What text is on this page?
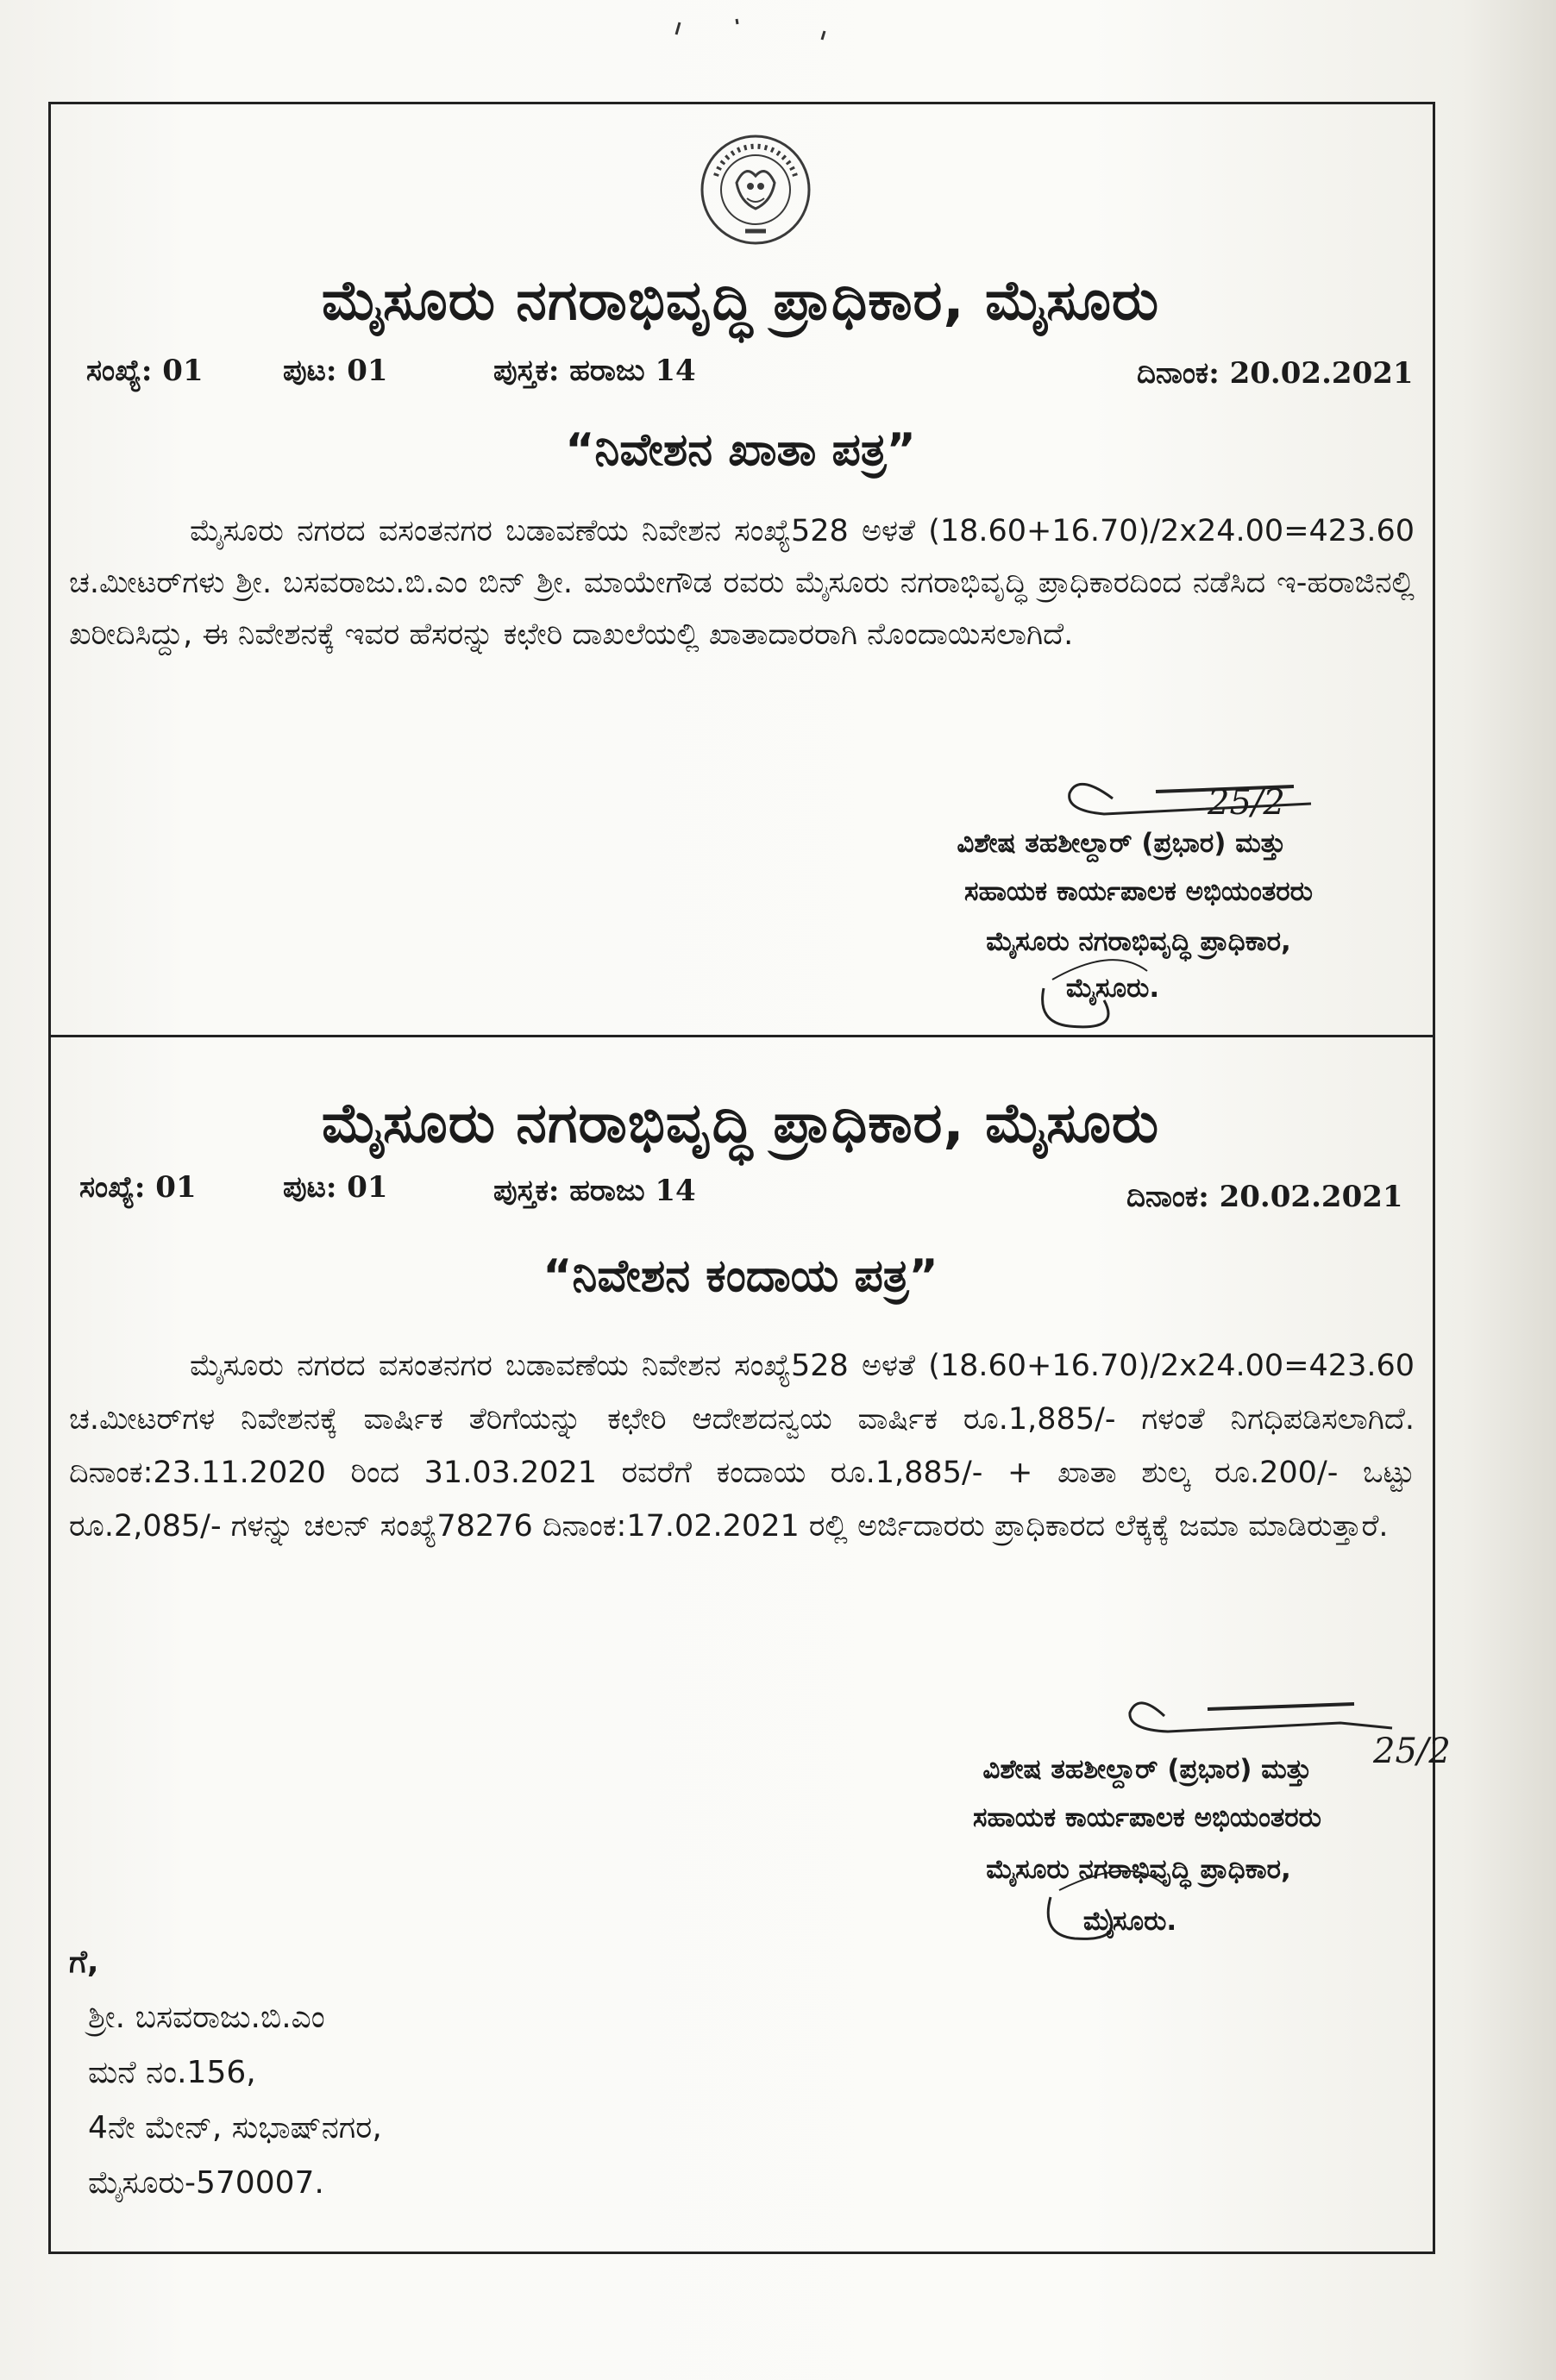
ಮೈಸೂರು ನಗರಾಭಿವೃದ್ಧಿ ಪ್ರಾಧಿಕಾರ, ಮೈಸೂರು
ಸಂಖ್ಯೆ: 01	ಪುಟ: 01	ಪುಸ್ತಕ: ಹರಾಜು 14	ದಿನಾಂಕ: 20.02.2021
“ನಿವೇಶನ ಖಾತಾ ಪತ್ರ”
ಮೈಸೂರು ನಗರದ ವಸಂತನಗರ ಬಡಾವಣೆಯ ನಿವೇಶನ ಸಂಖ್ಯೆ528 ಅಳತೆ (18.60+16.70)/2x24.00=423.60 ಚ.ಮೀಟರ್‌ಗಳು ಶ್ರೀ. ಬಸವರಾಜು.ಬಿ.ಎಂ ಬಿನ್ ಶ್ರೀ. ಮಾಯೇಗೌಡ ರವರು ಮೈಸೂರು ನಗರಾಭಿವೃದ್ಧಿ ಪ್ರಾಧಿಕಾರದಿಂದ ನಡೆಸಿದ ಇ-ಹರಾಜಿನಲ್ಲಿ ಖರೀದಿಸಿದ್ದು, ಈ ನಿವೇಶನಕ್ಕೆ ಇವರ ಹೆಸರನ್ನು ಕಛೇರಿ ದಾಖಲೆಯಲ್ಲಿ ಖಾತಾದಾರರಾಗಿ ನೊಂದಾಯಿಸಲಾಗಿದೆ.
25/2
ವಿಶೇಷ ತಹಶೀಲ್ದಾರ್ (ಪ್ರಭಾರ) ಮತ್ತು
ಸಹಾಯಕ ಕಾರ್ಯಪಾಲಕ ಅಭಿಯಂತರರು
ಮೈಸೂರು ನಗರಾಭಿವೃದ್ಧಿ ಪ್ರಾಧಿಕಾರ,
ಮೈಸೂರು.
ಮೈಸೂರು ನಗರಾಭಿವೃದ್ಧಿ ಪ್ರಾಧಿಕಾರ, ಮೈಸೂರು
ಸಂಖ್ಯೆ: 01	ಪುಟ: 01	ಪುಸ್ತಕ: ಹರಾಜು 14	ದಿನಾಂಕ: 20.02.2021
“ನಿವೇಶನ ಕಂದಾಯ ಪತ್ರ”
ಮೈಸೂರು ನಗರದ ವಸಂತನಗರ ಬಡಾವಣೆಯ ನಿವೇಶನ ಸಂಖ್ಯೆ528 ಅಳತೆ (18.60+16.70)/2x24.00=423.60 ಚ.ಮೀಟರ್‌ಗಳ ನಿವೇಶನಕ್ಕೆ ವಾರ್ಷಿಕ ತೆರಿಗೆಯನ್ನು ಕಛೇರಿ ಆದೇಶದನ್ವಯ ವಾರ್ಷಿಕ ರೂ.1,885/- ಗಳಂತೆ ನಿಗಧಿಪಡಿಸಲಾಗಿದೆ. ದಿನಾಂಕ:23.11.2020 ರಿಂದ 31.03.2021 ರವರೆಗೆ ಕಂದಾಯ ರೂ.1,885/- + ಖಾತಾ ಶುಲ್ಕ ರೂ.200/- ಒಟ್ಟು ರೂ.2,085/- ಗಳನ್ನು ಚಲನ್ ಸಂಖ್ಯೆ78276 ದಿನಾಂಕ:17.02.2021 ರಲ್ಲಿ ಅರ್ಜಿದಾರರು ಪ್ರಾಧಿಕಾರದ ಲೆಕ್ಕಕ್ಕೆ ಜಮಾ ಮಾಡಿರುತ್ತಾರೆ.
25/2
ವಿಶೇಷ ತಹಶೀಲ್ದಾರ್ (ಪ್ರಭಾರ) ಮತ್ತು
ಸಹಾಯಕ ಕಾರ್ಯಪಾಲಕ ಅಭಿಯಂತರರು
ಮೈಸೂರು ನಗರಾಭಿವೃದ್ಧಿ ಪ್ರಾಧಿಕಾರ,
ಮೈಸೂರು.
ಗೆ,
ಶ್ರೀ. ಬಸವರಾಜು.ಬಿ.ಎಂ
ಮನೆ ನಂ.156,
4ನೇ ಮೇನ್, ಸುಭಾಷ್‌ನಗರ,
ಮೈಸೂರು-570007.
